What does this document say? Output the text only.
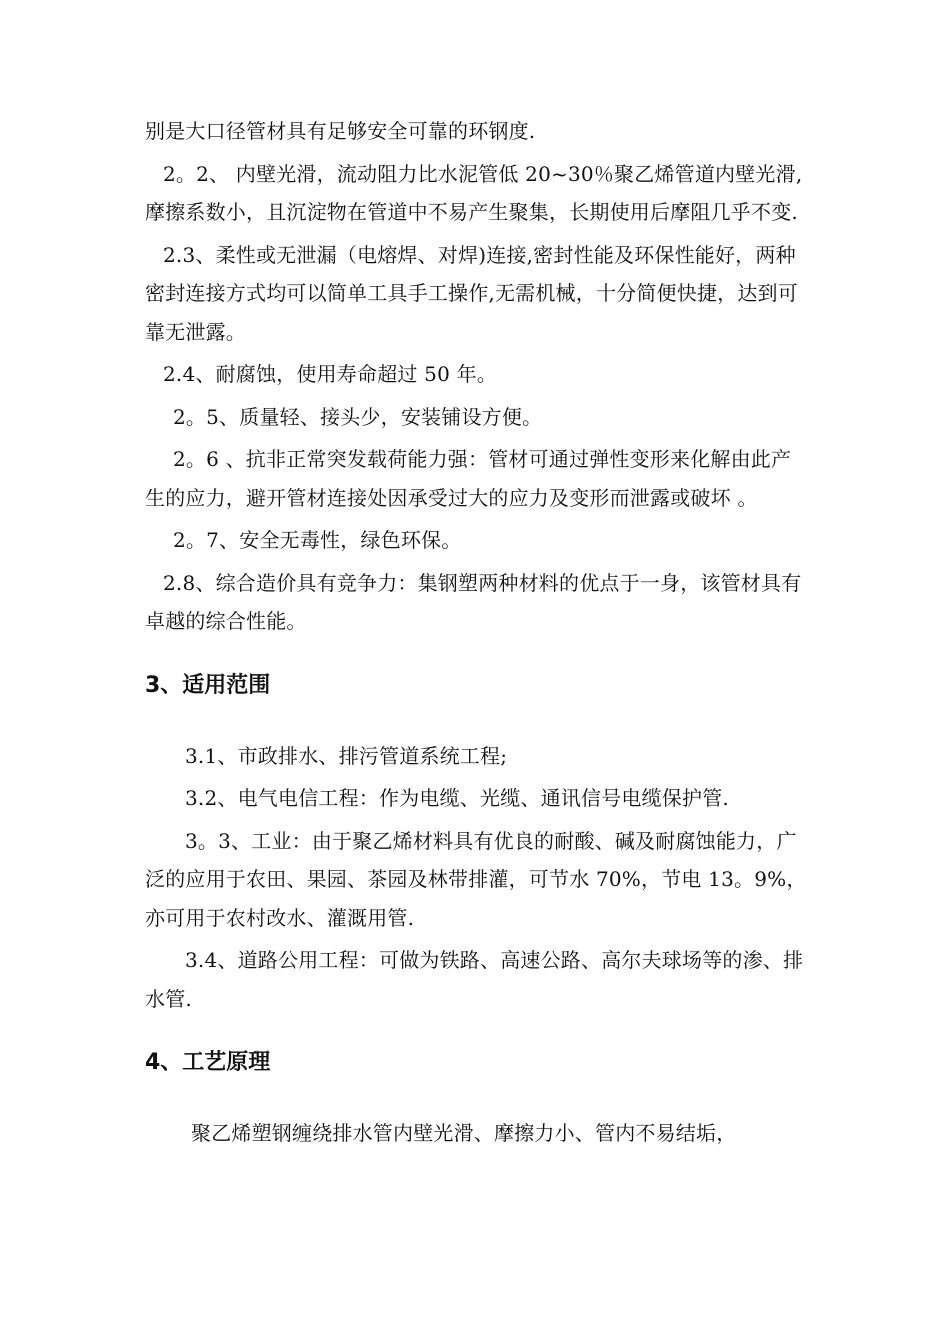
别是大口径管材具有足够安全可靠的环钢度.

2。2、 内壁光滑，流动阻力比水泥管低 20~30％聚乙烯管道内壁光滑,摩擦系数小，且沉淀物在管道中不易产生聚集，长期使用后摩阻几乎不变.

2.3、柔性或无泄漏（电熔焊、对焊)连接,密封性能及环保性能好，两种密封连接方式均可以简单工具手工操作,无需机械，十分简便快捷，达到可靠无泄露。

2.4、耐腐蚀，使用寿命超过 50 年。

2。5、质量轻、接头少，安装铺设方便。

2。6 、抗非正常突发载荷能力强：管材可通过弹性变形来化解由此产生的应力，避开管材连接处因承受过大的应力及变形而泄露或破坏 。

2。7、安全无毒性，绿色环保。

2.8、综合造价具有竞争力：集钢塑两种材料的优点于一身，该管材具有卓越的综合性能。

3、适用范围

3.1、市政排水、排污管道系统工程;

3.2、电气电信工程：作为电缆、光缆、通讯信号电缆保护管.

3。3、工业：由于聚乙烯材料具有优良的耐酸、碱及耐腐蚀能力，广泛的应用于农田、果园、茶园及林带排灌，可节水 70%，节电 13。9%，亦可用于农村改水、灌溉用管.

3.4、道路公用工程：可做为铁路、高速公路、高尔夫球场等的渗、排水管.

4、工艺原理

聚乙烯塑钢缠绕排水管内壁光滑、摩擦力小、管内不易结垢，
